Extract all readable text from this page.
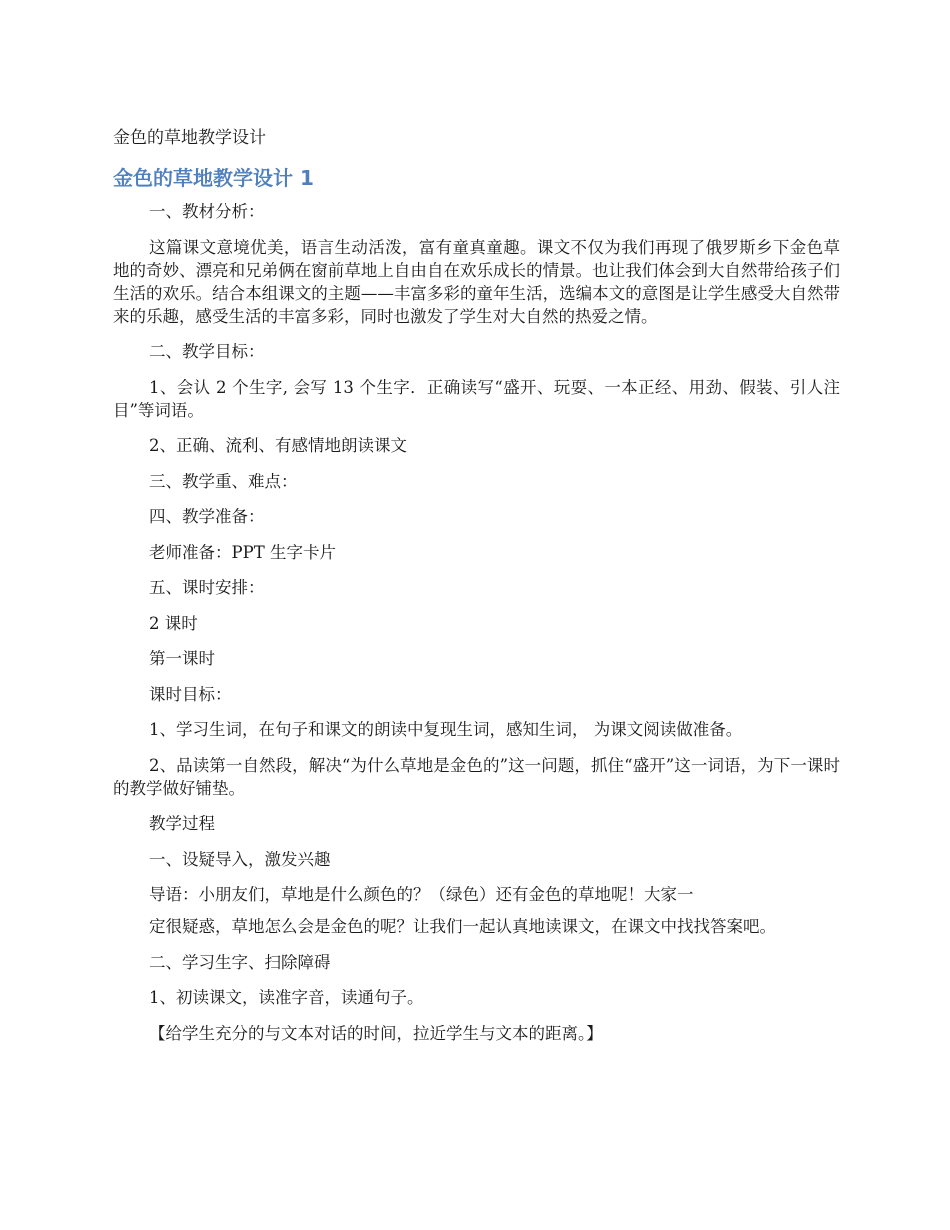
金色的草地教学设计
金色的草地教学设计 1

一、教材分析：

这篇课文意境优美，语言生动活泼，富有童真童趣。课文不仅为我们再现了俄罗斯乡下金色草地的奇妙、漂亮和兄弟俩在窗前草地上自由自在欢乐成长的情景。也让我们体会到大自然带给孩子们生活的欢乐。结合本组课文的主题——丰富多彩的童年生活，选编本文的意图是让学生感受大自然带来的乐趣，感受生活的丰富多彩，同时也激发了学生对大自然的热爱之情。

二、教学目标：

1、会认 2 个生字, 会写 13 个生字．正确读写“盛开、玩耍、一本正经、用劲、假装、引人注目”等词语。

2、正确、流利、有感情地朗读课文

三、教学重、难点：

四、教学准备：

老师准备：PPT 生字卡片

五、课时安排：

2 课时

第一课时

课时目标：

1、学习生词，在句子和课文的朗读中复现生词，感知生词， 为课文阅读做准备。

2、品读第一自然段，解决“为什么草地是金色的”这一问题，抓住“盛开”这一词语，为下一课时的教学做好铺垫。

教学过程

一、设疑导入，激发兴趣

导语：小朋友们，草地是什么颜色的？（绿色）还有金色的草地呢！大家一

定很疑惑，草地怎么会是金色的呢？让我们一起认真地读课文，在课文中找找答案吧。

二、学习生字、扫除障碍

1、初读课文，读准字音，读通句子。

【给学生充分的与文本对话的时间，拉近学生与文本的距离。】
